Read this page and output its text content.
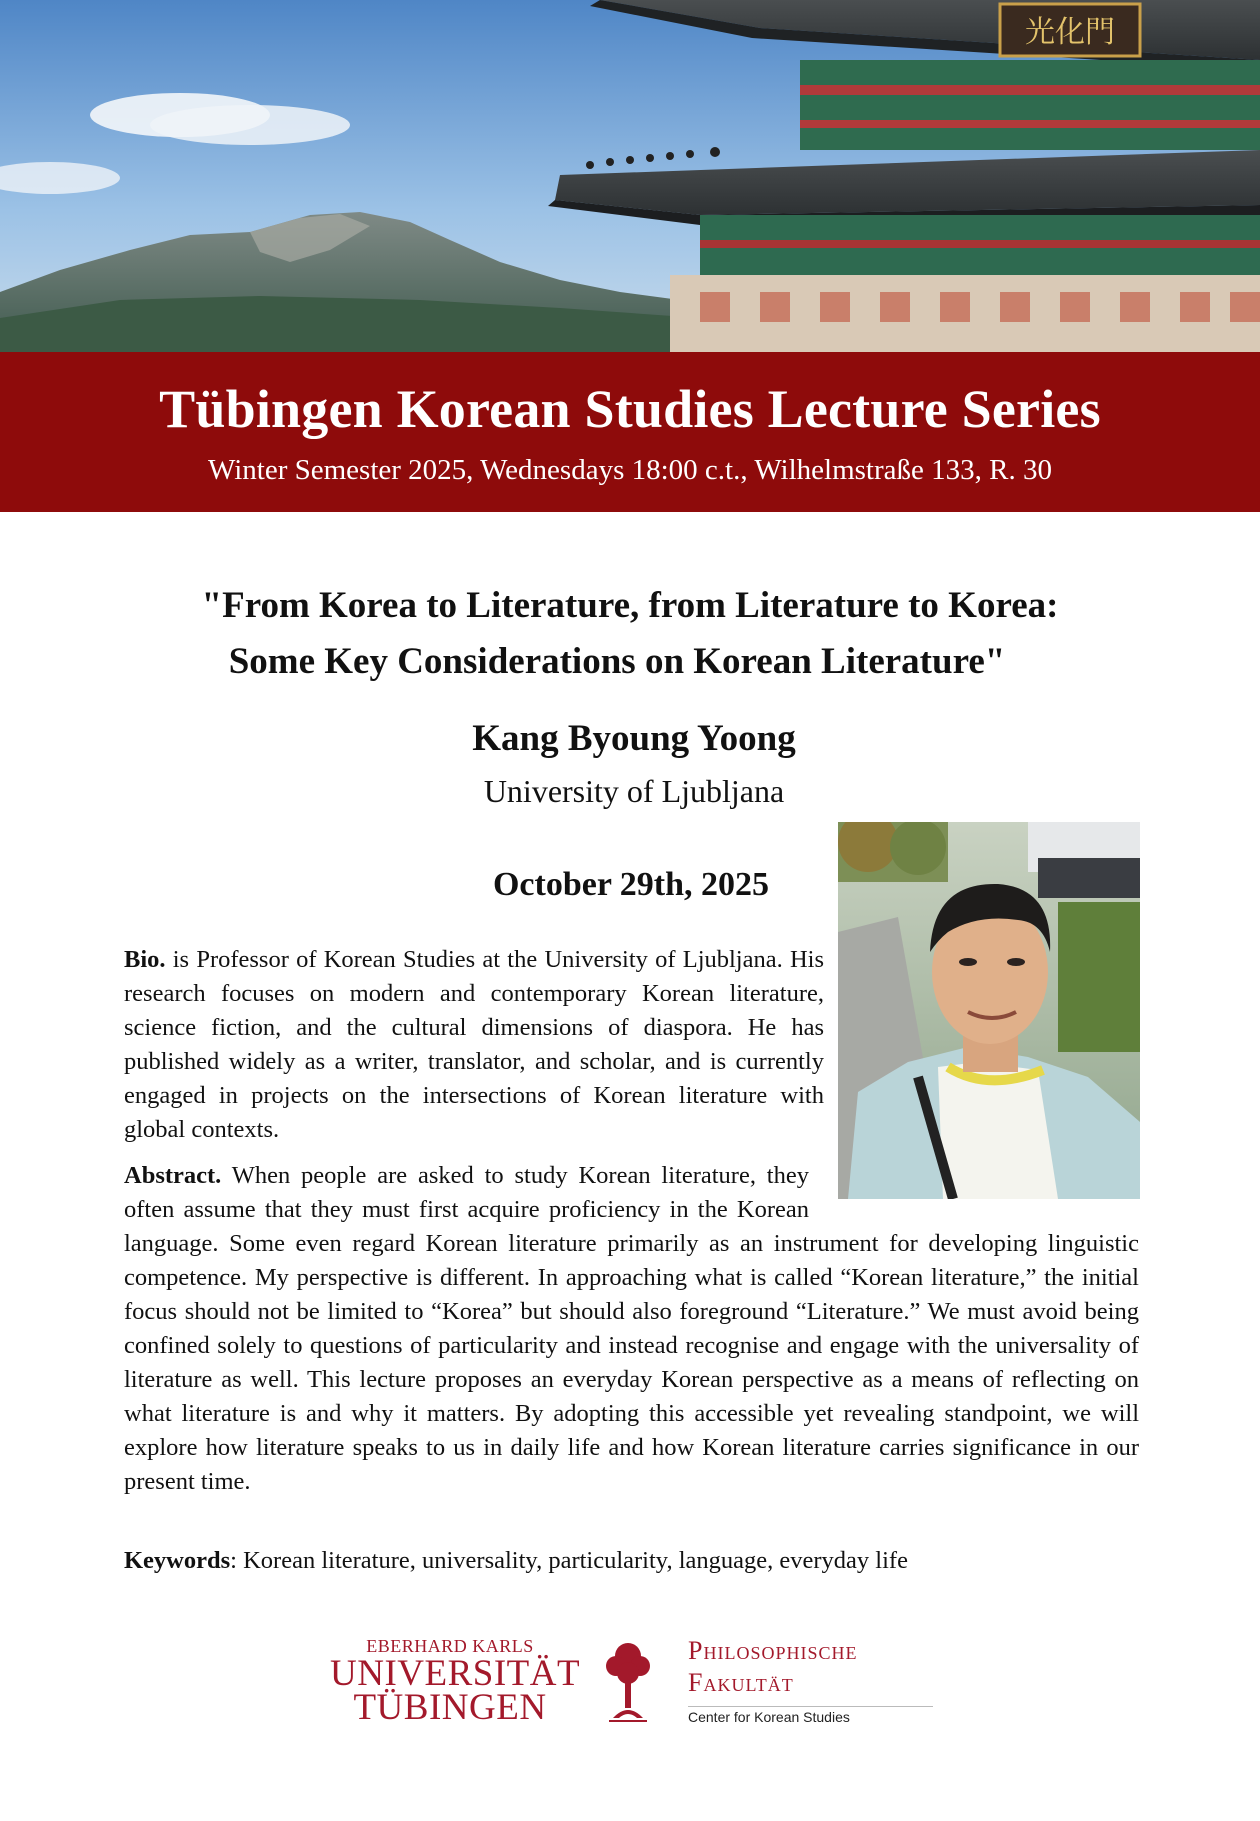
光化門
Tübingen Korean Studies Lecture Series
Winter Semester 2025, Wednesdays 18:00 c.t., Wilhelmstraße 133, R. 30
"From Korea to Literature, from Literature to Korea:
Some Key Considerations on Korean Literature"
Kang Byoung Yoong
University of Ljubljana
October 29th, 2025
Bio. is Professor of Korean Studies at the University of Ljubljana. His research focuses on modern and contemporary Korean literature, science fiction, and the cultural dimensions of diaspora. He has published widely as a writer, translator, and scholar, and is currently engaged in projects on the intersections of Korean literature with global contexts.
Abstract. When people are asked to study Korean literature, they often assume that they must first acquire proficiency in the Korean language. Some even regard Korean literature primarily as an instrument for developing linguistic competence. My perspective is different. In approaching what is called “Korean literature,” the initial focus should not be limited to “Korea” but should also foreground “Literature.” We must avoid being confined solely to questions of particularity and instead recognise and engage with the universality of literature as well. This lecture proposes an everyday Korean perspective as a means of reflecting on what literature is and why it matters. By adopting this accessible yet revealing standpoint, we will explore how literature speaks to us in daily life and how Korean literature carries significance in our present time.
Keywords: Korean literature, universality, particularity, language, everyday life
EBERHARD KARLS
UNIVERSITÄT
TÜBINGEN
Philosophische
Fakultät
Center for Korean Studies
